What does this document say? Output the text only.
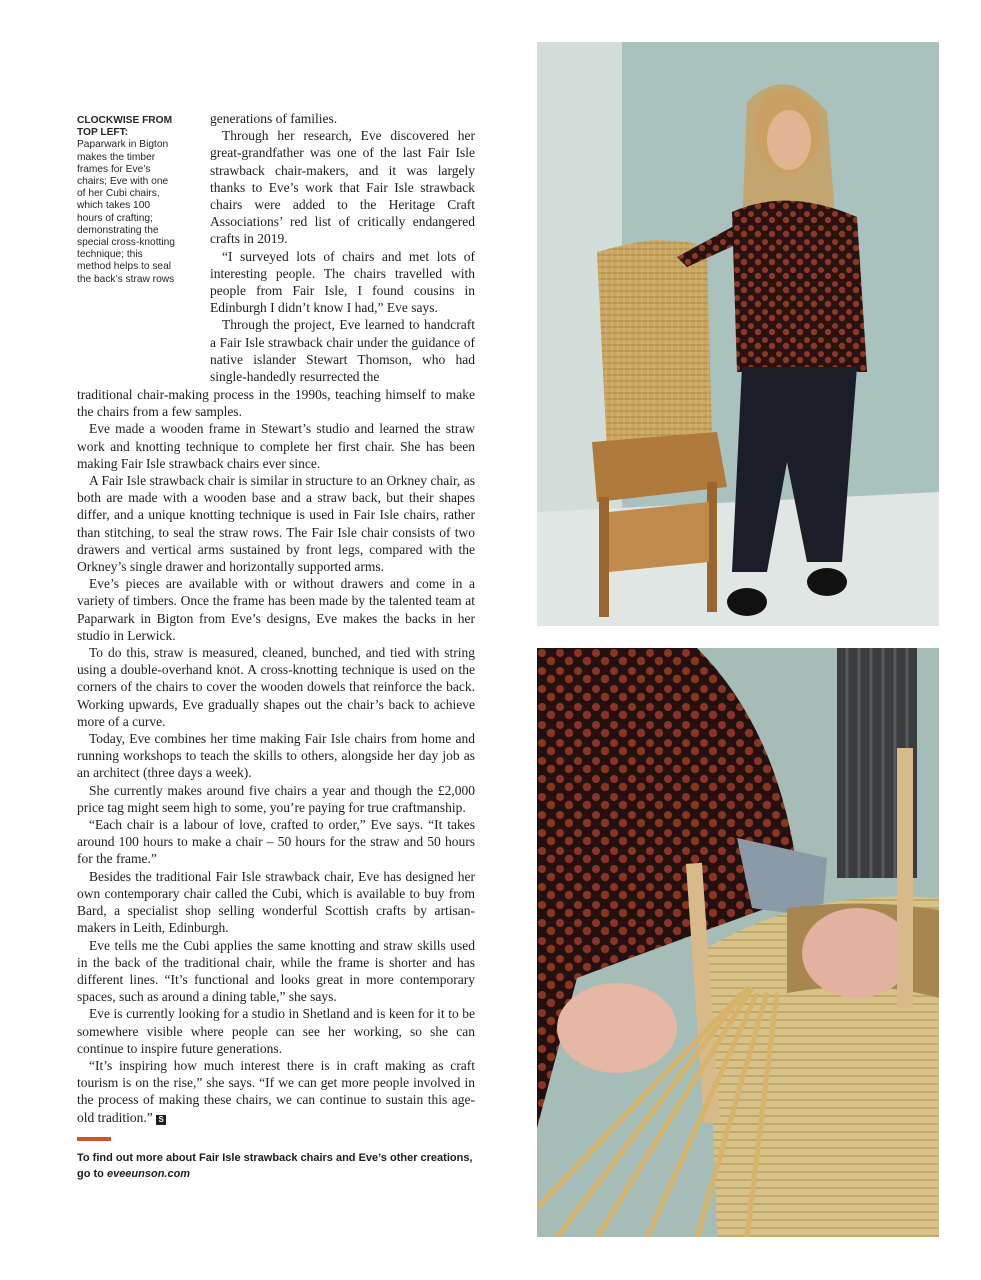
CLOCKWISE FROM TOP LEFT:
Paparwark in Bigton makes the timber frames for Eve’s chairs; Eve with one of her Cubi chairs, which takes 100 hours of crafting; demonstrating the special cross-knotting technique; this method helps to seal the back’s straw rows

generations of families.

Through her research, Eve discovered her great-grandfather was one of the last Fair Isle strawback chair-makers, and it was largely thanks to Eve’s work that Fair Isle strawback chairs were added to the Heritage Craft Associations’ red list of critically endangered crafts in 2019.

“I surveyed lots of chairs and met lots of interesting people. The chairs travelled with people from Fair Isle, I found cousins in Edinburgh I didn’t know I had,” Eve says.

Through the project, Eve learned to handcraft a Fair Isle strawback chair under the guidance of native islander Stewart Thomson, who had single-handedly resurrected the

traditional chair-making process in the 1990s, teaching himself to make the chairs from a few samples.

Eve made a wooden frame in Stewart’s studio and learned the straw work and knotting technique to complete her first chair. She has been making Fair Isle strawback chairs ever since.

A Fair Isle strawback chair is similar in structure to an Orkney chair, as both are made with a wooden base and a straw back, but their shapes differ, and a unique knotting technique is used in Fair Isle chairs, rather than stitching, to seal the straw rows. The Fair Isle chair consists of two drawers and vertical arms sustained by front legs, compared with the Orkney’s single drawer and horizontally supported arms.

Eve’s pieces are available with or without drawers and come in a variety of timbers. Once the frame has been made by the talented team at Paparwark in Bigton from Eve’s designs, Eve makes the backs in her studio in Lerwick.

To do this, straw is measured, cleaned, bunched, and tied with string using a double-overhand knot. A cross-knotting technique is used on the corners of the chairs to cover the wooden dowels that reinforce the back. Working upwards, Eve gradually shapes out the chair’s back to achieve more of a curve.

Today, Eve combines her time making Fair Isle chairs from home and running workshops to teach the skills to others, alongside her day job as an architect (three days a week).

She currently makes around five chairs a year and though the £2,000 price tag might seem high to some, you’re paying for true craftmanship.

“Each chair is a labour of love, crafted to order,” Eve says. “It takes around 100 hours to make a chair – 50 hours for the straw and 50 hours for the frame.”

Besides the traditional Fair Isle strawback chair, Eve has designed her own contemporary chair called the Cubi, which is available to buy from Bard, a specialist shop selling wonderful Scottish crafts by artisan-makers in Leith, Edinburgh.

Eve tells me the Cubi applies the same knotting and straw skills used in the back of the traditional chair, while the frame is shorter and has different lines. “It’s functional and looks great in more contemporary spaces, such as around a dining table,” she says.

Eve is currently looking for a studio in Shetland and is keen for it to be somewhere visible where people can see her working, so she can continue to inspire future generations.

“It’s inspiring how much interest there is in craft making as craft tourism is on the rise,” she says. “If we can get more people involved in the process of making these chairs, we can continue to sustain this age-old tradition.” S

To find out more about Fair Isle strawback chairs and Eve’s other creations, go to eveeunson.com
